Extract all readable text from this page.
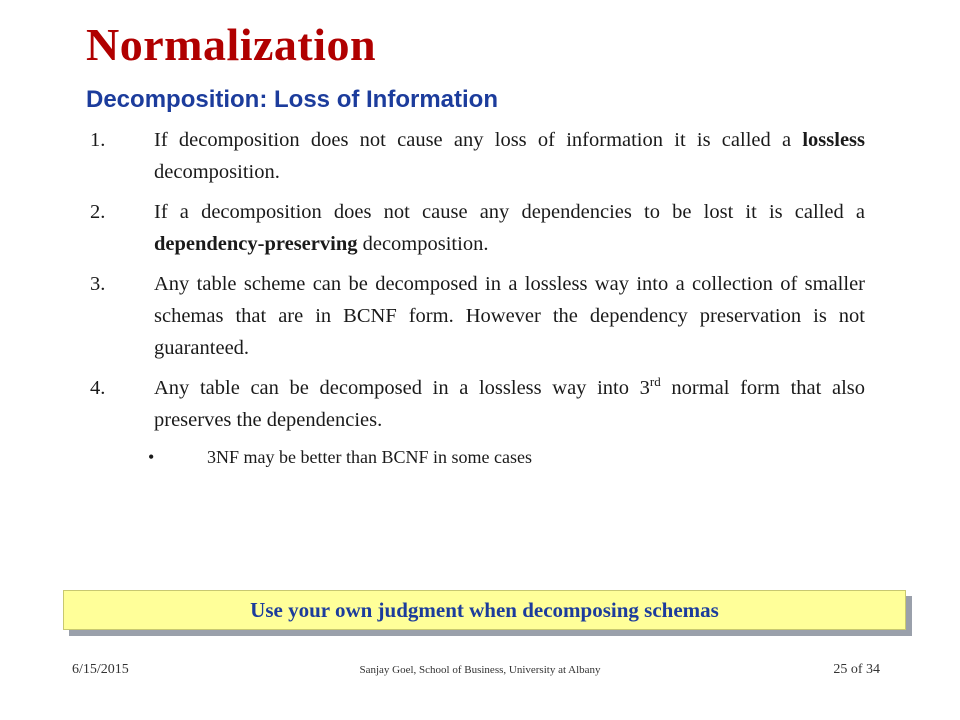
Normalization
Decomposition: Loss of Information
1. If decomposition does not cause any loss of information it is called a lossless decomposition.
2. If a decomposition does not cause any dependencies to be lost it is called a dependency-preserving decomposition.
3. Any table scheme can be decomposed in a lossless way into a collection of smaller schemas that are in BCNF form. However the dependency preservation is not guaranteed.
4. Any table can be decomposed in a lossless way into 3rd normal form that also preserves the dependencies.
•	3NF may be better than BCNF in some cases
Use your own judgment when decomposing schemas
6/15/2015	Sanjay Goel, School of Business, University at Albany	25 of 34
